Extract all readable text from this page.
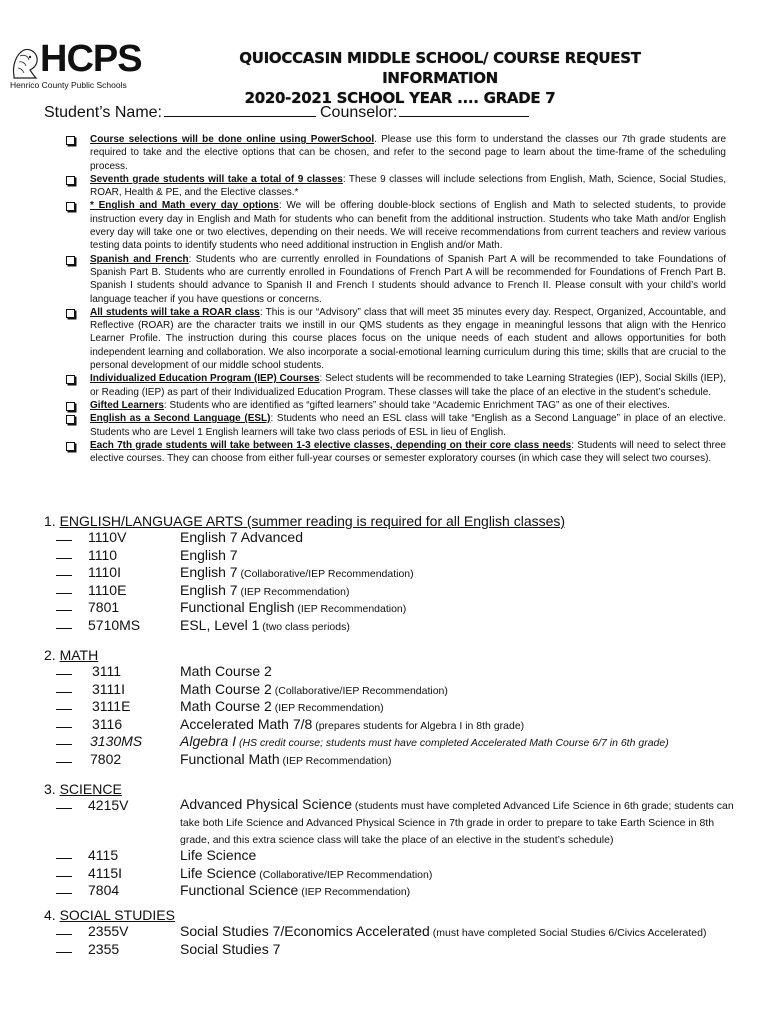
HCPS
Henrico County Public Schools
QUIOCCASIN MIDDLE SCHOOL/ COURSE REQUEST INFORMATION
2020-2021 SCHOOL YEAR .... GRADE 7
Student’s Name:	Counselor:
Course selections will be done online using PowerSchool. Please use this form to understand the classes our 7th grade students are required to take and the elective options that can be chosen, and refer to the second page to learn about the time-frame of the scheduling process.
Seventh grade students will take a total of 9 classes: These 9 classes will include selections from English, Math, Science, Social Studies, ROAR, Health & PE, and the Elective classes.*
* English and Math every day options: We will be offering double-block sections of English and Math to selected students, to provide instruction every day in English and Math for students who can benefit from the additional instruction. Students who take Math and/or English every day will take one or two electives, depending on their needs. We will receive recommendations from current teachers and review various testing data points to identify students who need additional instruction in English and/or Math.
Spanish and French: Students who are currently enrolled in Foundations of Spanish Part A will be recommended to take Foundations of Spanish Part B. Students who are currently enrolled in Foundations of French Part A will be recommended for Foundations of French Part B. Spanish I students should advance to Spanish II and French I students should advance to French II. Please consult with your child’s world language teacher if you have questions or concerns.
All students will take a ROAR class: This is our “Advisory” class that will meet 35 minutes every day. Respect, Organized, Accountable, and Reflective (ROAR) are the character traits we instill in our QMS students as they engage in meaningful lessons that align with the Henrico Learner Profile. The instruction during this course places focus on the unique needs of each student and allows opportunities for both independent learning and collaboration. We also incorporate a social-emotional learning curriculum during this time; skills that are crucial to the personal development of our middle school students.
Individualized Education Program (IEP) Courses: Select students will be recommended to take Learning Strategies (IEP), Social Skills (IEP), or Reading (IEP) as part of their Individualized Education Program. These classes will take the place of an elective in the student’s schedule.
Gifted Learners: Students who are identified as “gifted learners” should take “Academic Enrichment TAG” as one of their electives.
English as a Second Language (ESL): Students who need an ESL class will take “English as a Second Language” in place of an elective. Students who are Level 1 English learners will take two class periods of ESL in lieu of English.
Each 7th grade students will take between 1-3 elective classes, depending on their core class needs: Students will need to select three elective courses. They can choose from either full-year courses or semester exploratory courses (in which case they will select two courses).
1. ENGLISH/LANGUAGE ARTS (summer reading is required for all English classes)
1110V	English 7 Advanced
1110	English 7
1110I	English 7 (Collaborative/IEP Recommendation)
1110E	English 7 (IEP Recommendation)
7801	Functional English (IEP Recommendation)
5710MS	ESL, Level 1 (two class periods)
2. MATH
3111	Math Course 2
3111I	Math Course 2 (Collaborative/IEP Recommendation)
3111E	Math Course 2 (IEP Recommendation)
3116	Accelerated Math 7/8 (prepares students for Algebra I in 8th grade)
3130MS	Algebra I (HS credit course; students must have completed Accelerated Math Course 6/7 in 6th grade)
7802	Functional Math (IEP Recommendation)
3. SCIENCE
4215V	Advanced Physical Science (students must have completed Advanced Life Science in 6th grade; students can take both Life Science and Advanced Physical Science in 7th grade in order to prepare to take Earth Science in 8th grade, and this extra science class will take the place of an elective in the student’s schedule)
4115	Life Science
4115I	Life Science (Collaborative/IEP Recommendation)
7804	Functional Science (IEP Recommendation)
4. SOCIAL STUDIES
2355V	Social Studies 7/Economics Accelerated (must have completed Social Studies 6/Civics Accelerated)
2355	Social Studies 7
